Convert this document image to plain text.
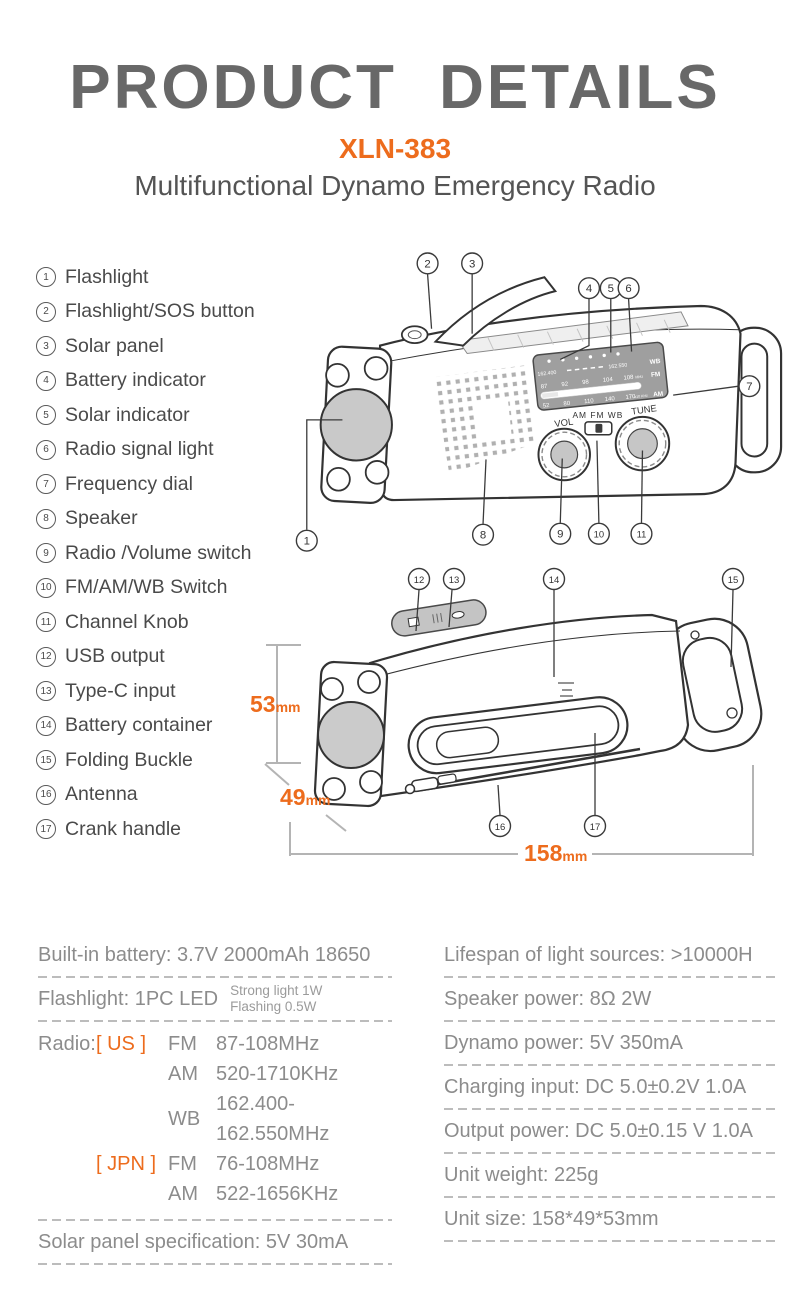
PRODUCT DETAILS
XLN-383
Multifunctional Dynamo Emergency Radio
1 Flashlight
2 Flashlight/SOS button
3 Solar panel
4 Battery indicator
5 Solar indicator
6 Radio signal light
7 Frequency dial
8 Speaker
9 Radio /Volume switch
10 FM/AM/WB Switch
11 Channel Knob
12 USB output
13 Type-C input
14 Battery container
15 Folding Buckle
16 Antenna
17 Crank handle
162.400
162.550
87 92 98 104 108 MHz
52 80 110 140 170
x10 KHz
WB
FM
AM
VOL
TUNE
AM FM WB
1
2	3
4 5 6
7
8	9	10	11
53mm
49mm
158mm
12	13	14	15
16	17
Built-in battery: 3.7V 2000mAh 18650
Flashlight: 1PC LED Strong light 1W
Flashing 0.5W
Radio: [ US ]	FM 87-108MHz
AM 520-1710KHz
WB
162.400-162.550MHz
[ JPN ] FM 76-108MHz
AM 522-1656KHz
Solar panel specification: 5V 30mA
Lifespan of light sources: >10000H
Speaker power: 8Ω 2W
Dynamo power: 5V 350mA
Charging input: DC 5.0±0.2V 1.0A
Output power: DC 5.0±0.15 V 1.0A
Unit weight: 225g
Unit size: 158*49*53mm
